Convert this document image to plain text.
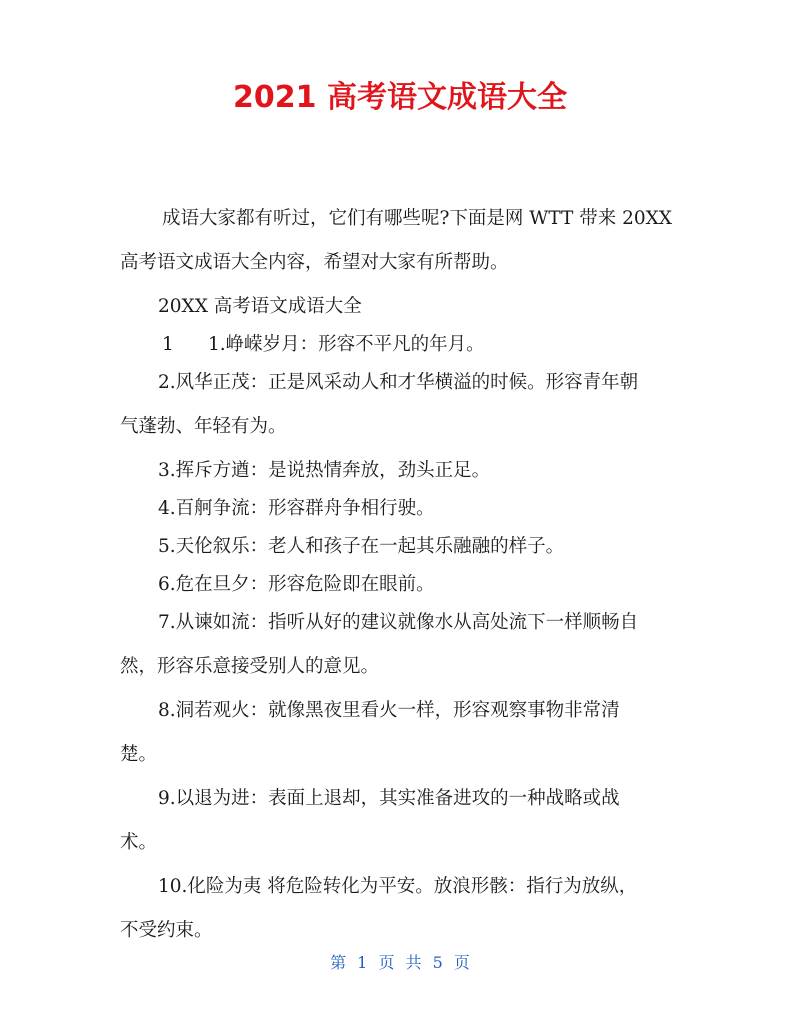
2021 高考语文成语大全
成语大家都有听过，它们有哪些呢?下面是网 WTT 带来 20XX
高考语文成语大全内容，希望对大家有所帮助。
20XX 高考语文成语大全
1 1.峥嵘岁月：形容不平凡的年月。
2.风华正茂：正是风采动人和才华横溢的时候。形容青年朝
气蓬勃、年轻有为。
3.挥斥方遒：是说热情奔放，劲头正足。
4.百舸争流：形容群舟争相行驶。
5.天伦叙乐：老人和孩子在一起其乐融融的样子。
6.危在旦夕：形容危险即在眼前。
7.从谏如流：指听从好的建议就像水从高处流下一样顺畅自
然，形容乐意接受别人的意见。
8.洞若观火：就像黑夜里看火一样，形容观察事物非常清
楚。
9.以退为进：表面上退却，其实准备进攻的一种战略或战
术。
10.化险为夷 将危险转化为平安。放浪形骸：指行为放纵，
不受约束。
第 1 页 共 5 页
